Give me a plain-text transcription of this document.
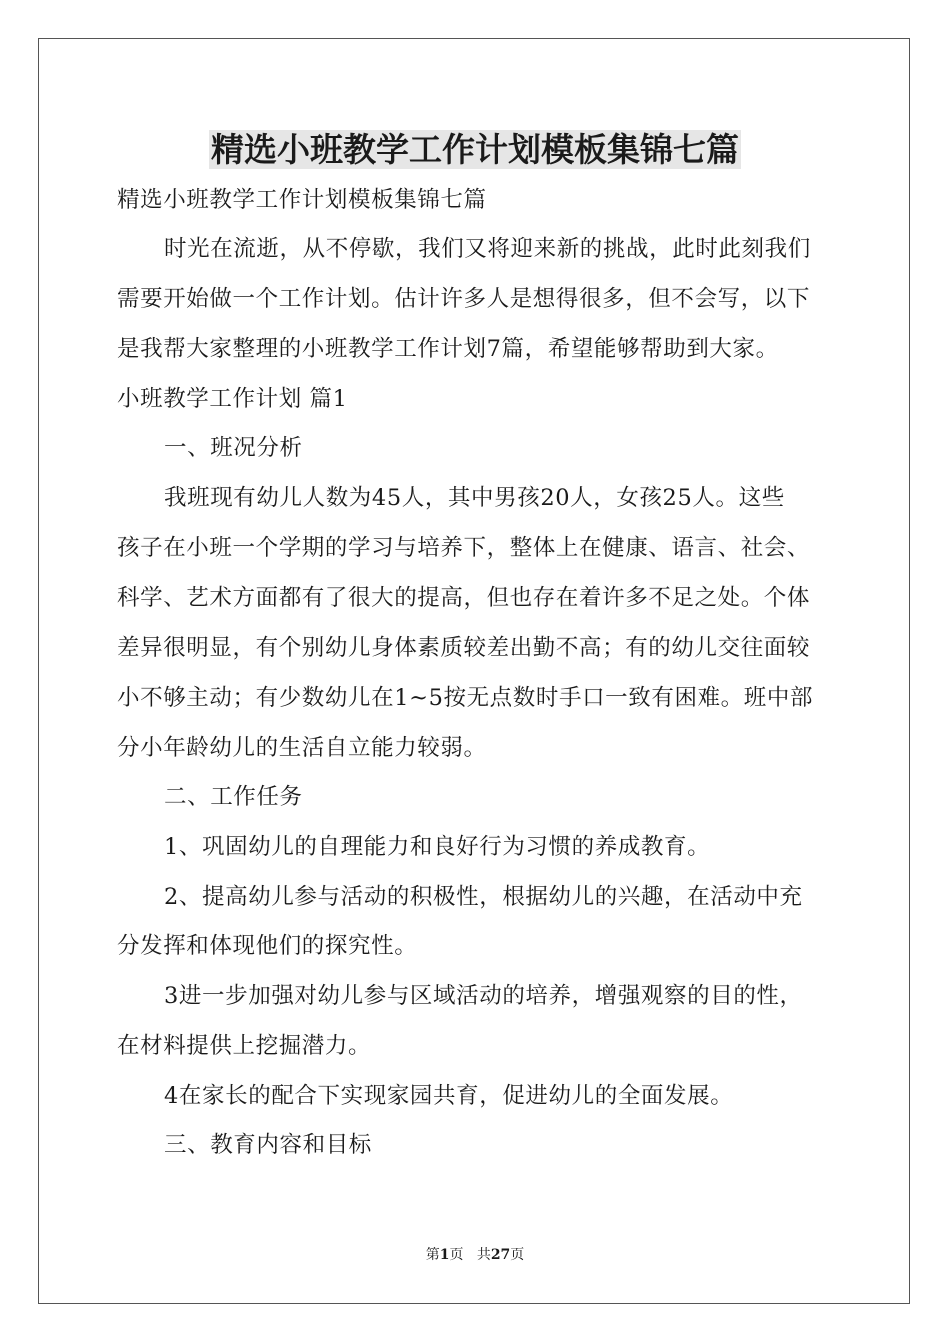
精选小班教学工作计划模板集锦七篇
精选小班教学工作计划模板集锦七篇
时光在流逝，从不停歇，我们又将迎来新的挑战，此时此刻我们
需要开始做一个工作计划。估计许多人是想得很多，但不会写，以下
是我帮大家整理的小班教学工作计划7篇，希望能够帮助到大家。
小班教学工作计划 篇1
一、班况分析
我班现有幼儿人数为45人，其中男孩20人，女孩25人。这些
孩子在小班一个学期的学习与培养下，整体上在健康、语言、社会、
科学、艺术方面都有了很大的提高，但也存在着许多不足之处。个体
差异很明显，有个别幼儿身体素质较差出勤不高；有的幼儿交往面较
小不够主动；有少数幼儿在1~5按无点数时手口一致有困难。班中部
分小年龄幼儿的生活自立能力较弱。
二、工作任务
1、巩固幼儿的自理能力和良好行为习惯的养成教育。
2、提高幼儿参与活动的积极性，根据幼儿的兴趣，在活动中充
分发挥和体现他们的探究性。
3进一步加强对幼儿参与区域活动的培养，增强观察的目的性，
在材料提供上挖掘潜力。
4在家长的配合下实现家园共育，促进幼儿的全面发展。
三、教育内容和目标
第1页 共27页
